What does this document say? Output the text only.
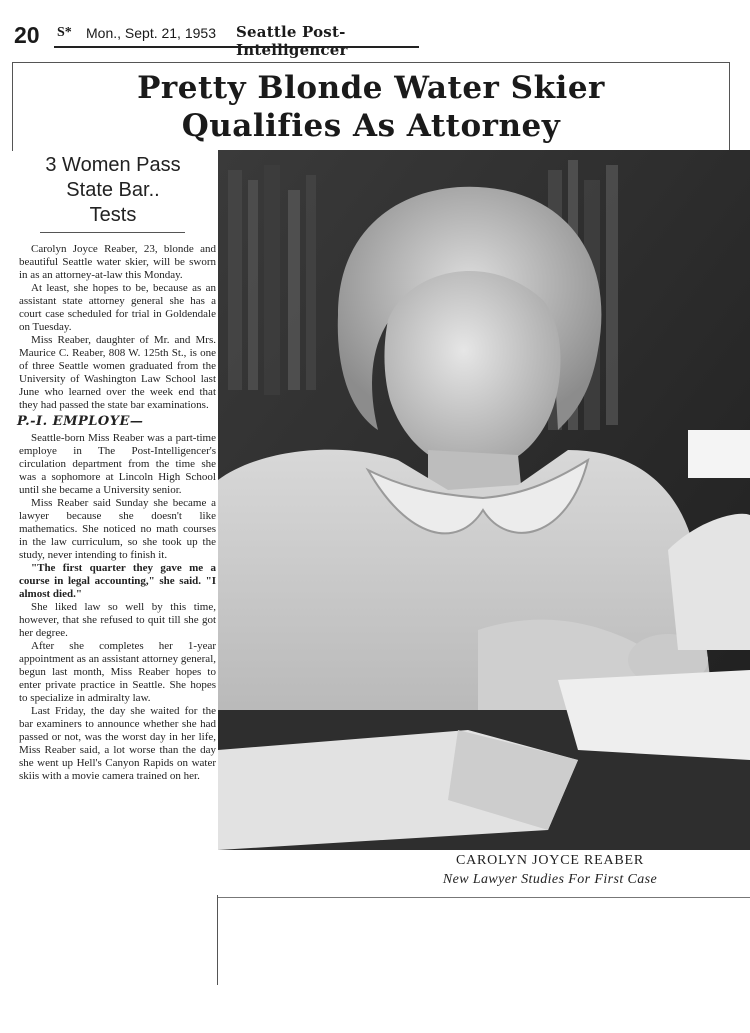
20 S* Mon., Sept. 21, 1953 Seattle Post-Intelligencer
Pretty Blonde Water Skier
Qualifies As Attorney
3 Women Pass
State Bar..
Tests

Carolyn Joyce Reaber, 23, blonde and beautiful Seattle water skier, will be sworn in as an attorney-at-law this Monday.

At least, she hopes to be, because as an assistant state attorney general she has a court case scheduled for trial in Goldendale on Tuesday.

Miss Reaber, daughter of Mr. and Mrs. Maurice C. Reaber, 808 W. 125th St., is one of three Seattle women graduated from the University of Washington Law School last June who learned over the week end that they had passed the state bar examinations.

P.-I. EMPLOYE—

Seattle-born Miss Reaber was a part-time employe in The Post-Intelligencer's circulation department from the time she was a sophomore at Lincoln High School until she became a University senior.

Miss Reaber said Sunday she became a lawyer because she doesn't like mathematics. She noticed no math courses in the law curriculum, so she took up the study, never intending to finish it.

"The first quarter they gave me a course in legal accounting," she said. "I almost died."

She liked law so well by this time, however, that she refused to quit till she got her degree.

After she completes her 1-year appointment as an assistant attorney general, begun last month, Miss Reaber hopes to enter private practice in Seattle. She hopes to specialize in admiralty law.

Last Friday, the day she waited for the bar examiners to announce whether she had passed or not, was the worst day in her life, Miss Reaber said, a lot worse than the day she went up Hell's Canyon Rapids on water skiis with a movie camera trained on her.

CAROLYN JOYCE REABER
New Lawyer Studies For First Case
